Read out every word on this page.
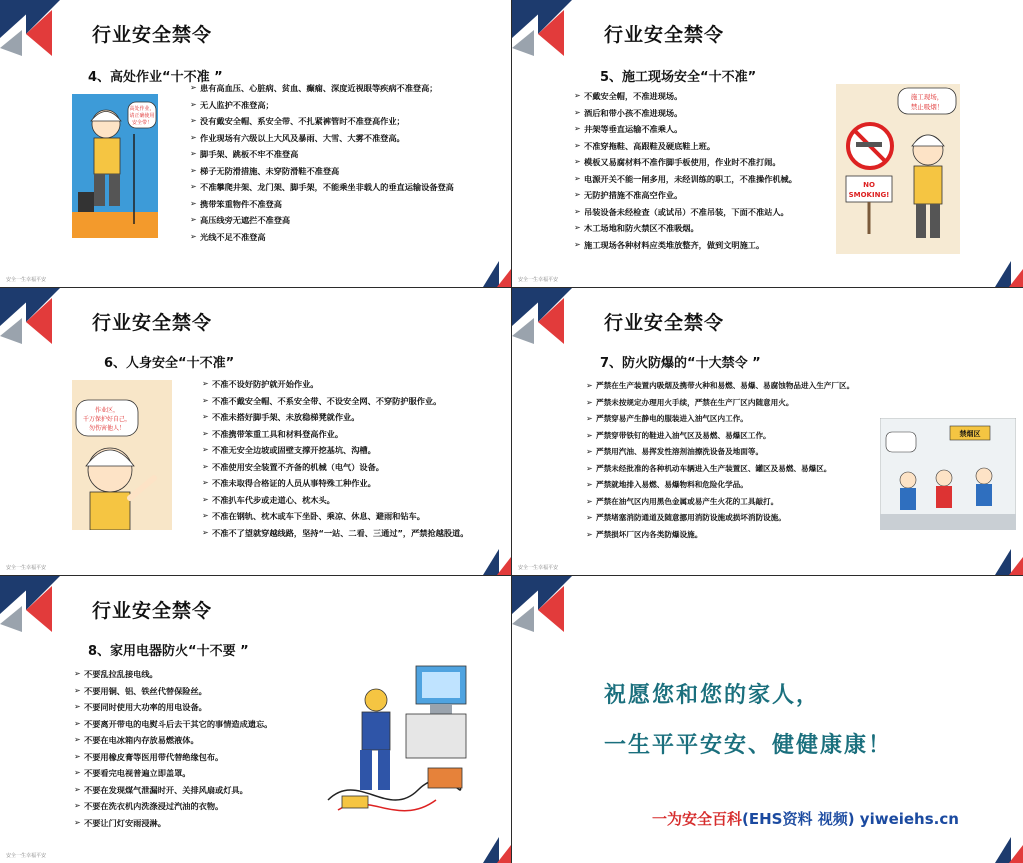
行业安全禁令
4、高处作业“十不准 ”
高处作业，
请正确使用
安全带！
➢ 患有高血压、心脏病、贫血、癫痫、深度近视眼等疾病不准登高；
➢ 无人监护不准登高；
➢ 没有戴安全帽、系安全带、不扎紧裤管时不准登高作业；
➢ 作业现场有六级以上大风及暴雨、大雪、大雾不准登高。
➢ 脚手架、跳板不牢不准登高
➢ 梯子无防滑措施、未穿防滑鞋不准登高
➢ 不准攀爬井架、龙门架、脚手架，不能乘坐非载人的垂直运输设备登高
➢ 携带笨重物件不准登高
➢ 高压线旁无遮拦不准登高
➢ 光线不足不准登高
安全一生幸福平安
行业安全禁令
5、施工现场安全“十不准”
➢ 不戴安全帽，不准进现场。
➢ 酒后和带小孩不准进现场。
➢ 井架等垂直运输不准乘人。
➢ 不准穿拖鞋、高跟鞋及硬底鞋上班。
➢ 模板又易腐材料不准作脚手板使用，作业时不准打闹。
➢ 电源开关不能一闸多用，未经训练的职工，不准操作机械。
➢ 无防护措施不准高空作业。
➢ 吊装设备未经检查（或试吊）不准吊装，下面不准站人。
➢ 木工场地和防火禁区不准吸烟。
➢ 施工现场各种材料应类堆放整齐，做到文明施工。
施工现场，
禁止吸烟！
NO
SMOKING!
安全一生幸福平安
行业安全禁令
6、人身安全“十不准”
作业区，
千万保护好自己，
勿伤害他人！
➢ 不准不设好防护就开始作业。
➢ 不准不戴安全帽、不系安全带、不设安全网、不穿防护服作业。
➢ 不准未搭好脚手架、未放稳梯凳就作业。
➢ 不准携带笨重工具和材料登高作业。
➢ 不准无安全边坡或固壁支撑开挖基坑、沟槽。
➢ 不准使用安全装置不齐备的机械（电气）设备。
➢ 不准未取得合格证的人员从事特殊工种作业。
➢ 不准扒车代步或走道心、枕木头。
➢ 不准在钢轨、枕木或车下坐卧、乘凉、休息、避雨和钻车。
➢ 不准不了望就穿越线路，坚持“一站、二看、三通过”，严禁抢越股道。
安全一生幸福平安
行业安全禁令
7、防火防爆的“十大禁令 ”
➢ 严禁在生产装置内吸烟及携带火种和易燃、易爆、易腐蚀物品进入生产厂区。
➢ 严禁未按规定办理用火手续，严禁在生产厂区内随意用火。
➢ 严禁穿易产生静电的服装进入油气区内工作。
➢ 严禁穿带铁钉的鞋进入油气区及易燃、易爆区工作。
➢ 严禁用汽油、易挥发性溶剂油擦洗设备及地面等。
➢ 严禁未经批准的各种机动车辆进入生产装置区、罐区及易燃、易爆区。
➢ 严禁就地排入易燃、易爆物料和危险化学品。
➢ 严禁在油气区内用黑色金属或易产生火花的工具敲打。
➢ 严禁堵塞消防通道及随意挪用消防设施或损坏消防设施。
➢ 严禁损坏厂区内各类防爆设施。
禁烟区
安全一生幸福平安
行业安全禁令
8、家用电器防火“十不要 ”
➢ 不要乱拉乱接电线。
➢ 不要用铜、铝、铁丝代替保险丝。
➢ 不要同时使用大功率的用电设备。
➢ 不要离开带电的电熨斗后去干其它的事情造成遗忘。
➢ 不要在电冰箱内存放易燃液体。
➢ 不要用橡皮膏等医用带代替绝缘包布。
➢ 不要看完电视普遍立即盖罩。
➢ 不要在发现煤气泄漏时开、关排风扇或灯具。
➢ 不要在洗衣机内洗涤浸过汽油的衣物。
➢ 不要让门灯安雨浸淋。
安全一生幸福平安
祝愿您和您的家人，
一生平平安安、健健康康！
一为安全百科(EHS资料 视频) yiweiehs.cn
